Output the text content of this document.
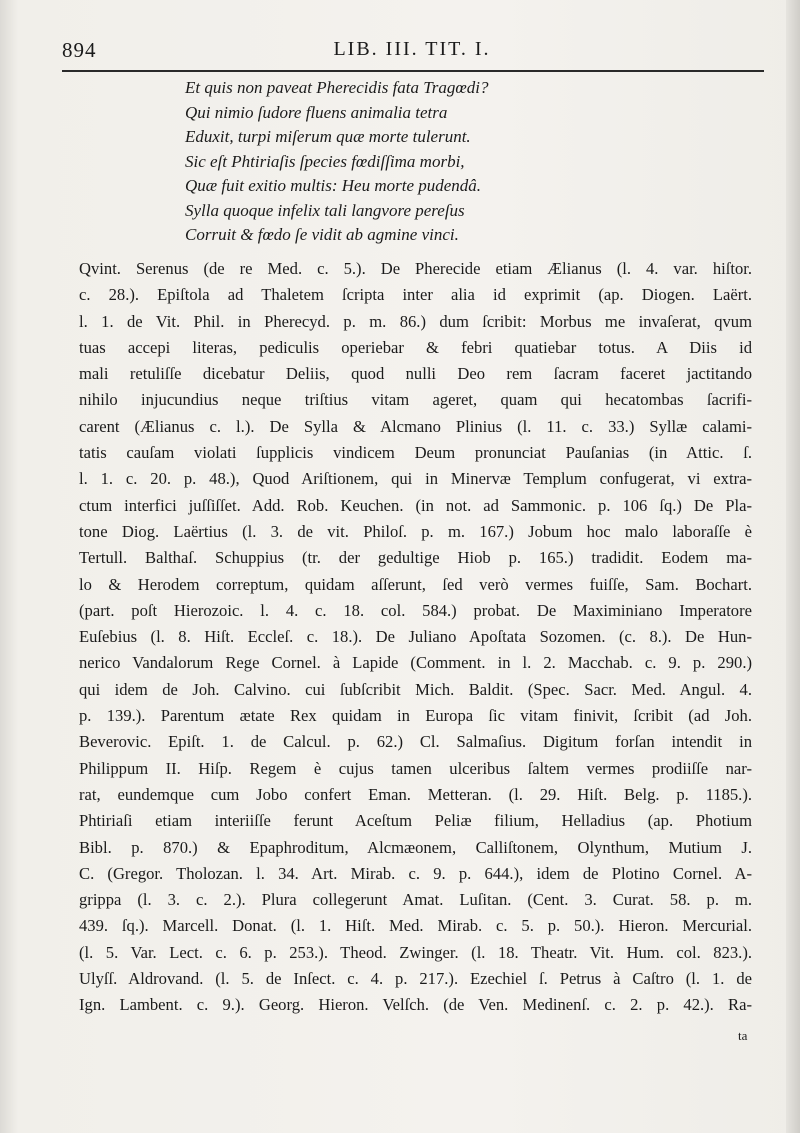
894	LIB. III. TIT. I.
Et quis non paveat Pherecidis fata Tragœdi?
Qui nimio ſudore fluens animalia tetra
Eduxit, turpi miſerum quæ morte tulerunt.
Sic eſt Phtiriaſis ſpecies fœdiſſima morbi,
Quæ fuit exitio multis: Heu morte pudendâ.
Sylla quoque infelix tali langvore pereſus
Corruit & fœdo ſe vidit ab agmine vinci.
Qvint. Serenus (de re Med. c. 5.). De Pherecide etiam Ælianus (l. 4. var. hiſtor.
c. 28.). Epiſtola ad Thaletem ſcripta inter alia id exprimit (ap. Diogen. Laërt.
l. 1. de Vit. Phil. in Pherecyd. p. m. 86.) dum ſcribit: Morbus me invaſerat, qvum
tuas accepi literas, pediculis operiebar & febri quatiebar totus. A Diis id
mali retuliſſe dicebatur Deliis, quod nulli Deo rem ſacram faceret jactitando
nihilo injucundius neque triſtius vitam ageret, quam qui hecatombas ſacrifi-
carent (Ælianus c. l.). De Sylla & Alcmano Plinius (l. 11. c. 33.) Syllæ calami-
tatis cauſam violati ſupplicis vindicem Deum pronunciat Pauſanias (in Attic. ſ.
l. 1. c. 20. p. 48.), Quod Ariſtionem, qui in Minervæ Templum confugerat, vi extra-
ctum interfici juſſiſſet. Add. Rob. Keuchen. (in not. ad Sammonic. p. 106 ſq.) De Pla-
tone Diog. Laërtius (l. 3. de vit. Philoſ. p. m. 167.) Jobum hoc malo laboraſſe è
Tertull. Balthaſ. Schuppius (tr. der gedultige Hiob p. 165.) tradidit. Eodem ma-
lo & Herodem correptum, quidam aſſerunt, ſed verò vermes fuiſſe, Sam. Bochart.
(part. poſt Hierozoic. l. 4. c. 18. col. 584.) probat. De Maximiniano Imperatore
Euſebius (l. 8. Hiſt. Eccleſ. c. 18.). De Juliano Apoſtata Sozomen. (c. 8.). De Hun-
nerico Vandalorum Rege Cornel. à Lapide (Comment. in l. 2. Macchab. c. 9. p. 290.)
qui idem de Joh. Calvino. cui ſubſcribit Mich. Baldit. (Spec. Sacr. Med. Angul. 4.
p. 139.). Parentum ætate Rex quidam in Europa ſic vitam finivit, ſcribit (ad Joh.
Beverovic. Epiſt. 1. de Calcul. p. 62.) Cl. Salmaſius. Digitum forſan intendit in
Philippum II. Hiſp. Regem è cujus tamen ulceribus ſaltem vermes prodiiſſe nar-
rat, eundemque cum Jobo confert Eman. Metteran. (l. 29. Hiſt. Belg. p. 1185.).
Phtiriaſi etiam interiiſſe ferunt Aceſtum Peliæ filium, Helladius (ap. Photium
Bibl. p. 870.) & Epaphroditum, Alcmæonem, Calliſtonem, Olynthum, Mutium J.
C. (Gregor. Tholozan. l. 34. Art. Mirab. c. 9. p. 644.), idem de Plotino Cornel. A-
grippa (l. 3. c. 2.). Plura collegerunt Amat. Luſitan. (Cent. 3. Curat. 58. p. m.
439. ſq.). Marcell. Donat. (l. 1. Hiſt. Med. Mirab. c. 5. p. 50.). Hieron. Mercurial.
(l. 5. Var. Lect. c. 6. p. 253.). Theod. Zwinger. (l. 18. Theatr. Vit. Hum. col. 823.).
Ulyſſ. Aldrovand. (l. 5. de Inſect. c. 4. p. 217.). Ezechiel ſ. Petrus à Caſtro (l. 1. de
Ign. Lambent. c. 9.). Georg. Hieron. Velſch. (de Ven. Medinenſ. c. 2. p. 42.). Ra-
ta
